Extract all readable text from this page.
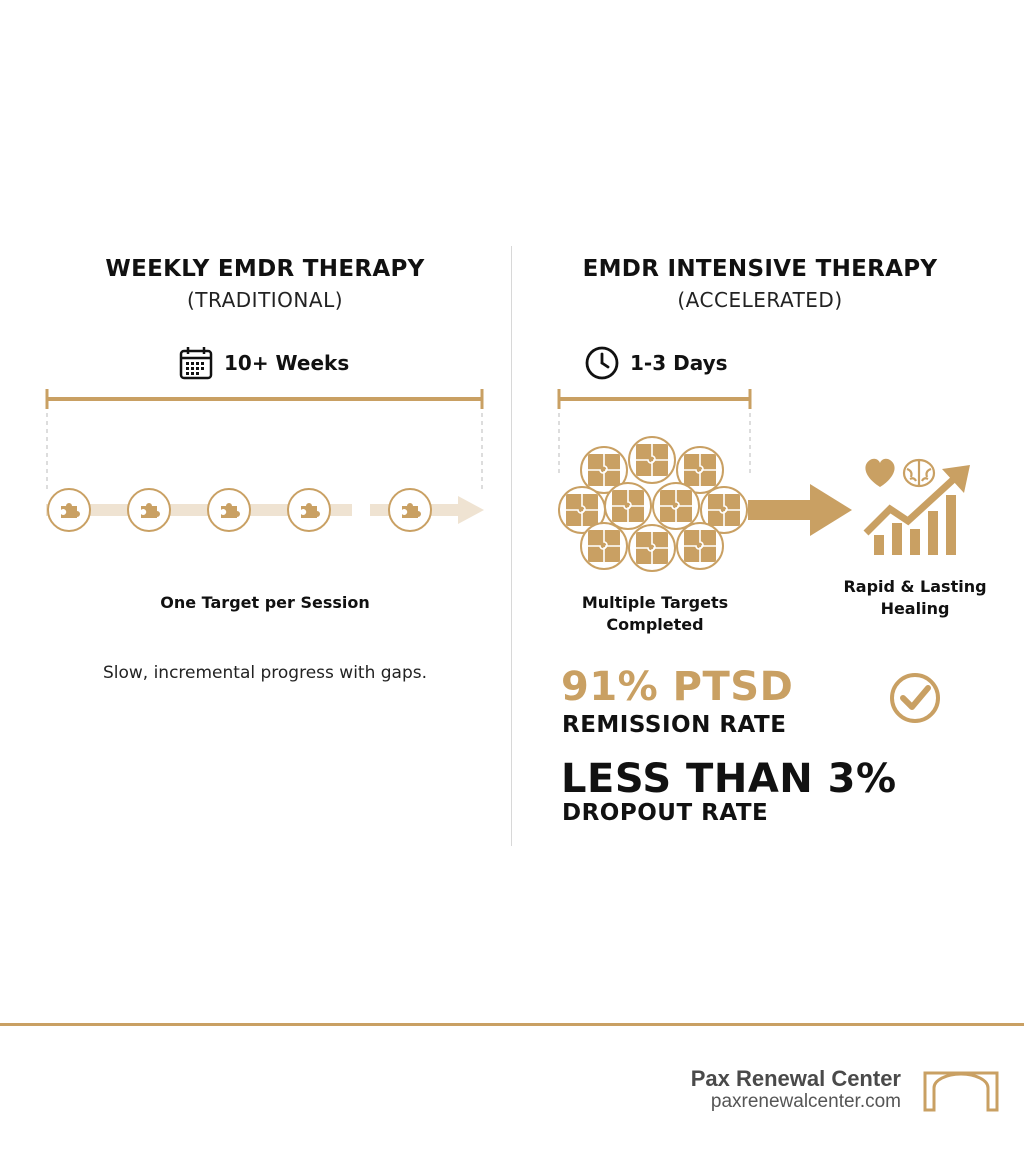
WEEKLY EMDR THERAPY
(TRADITIONAL)
10+ Weeks
One Target per Session
Slow, incremental progress with gaps.
EMDR INTENSIVE THERAPY
(ACCELERATED)
1-3 Days
Multiple Targets
Completed
Rapid & Lasting
Healing
91% PTSD
REMISSION RATE
LESS THAN 3%
DROPOUT RATE
Pax Renewal Center
paxrenewalcenter.com
